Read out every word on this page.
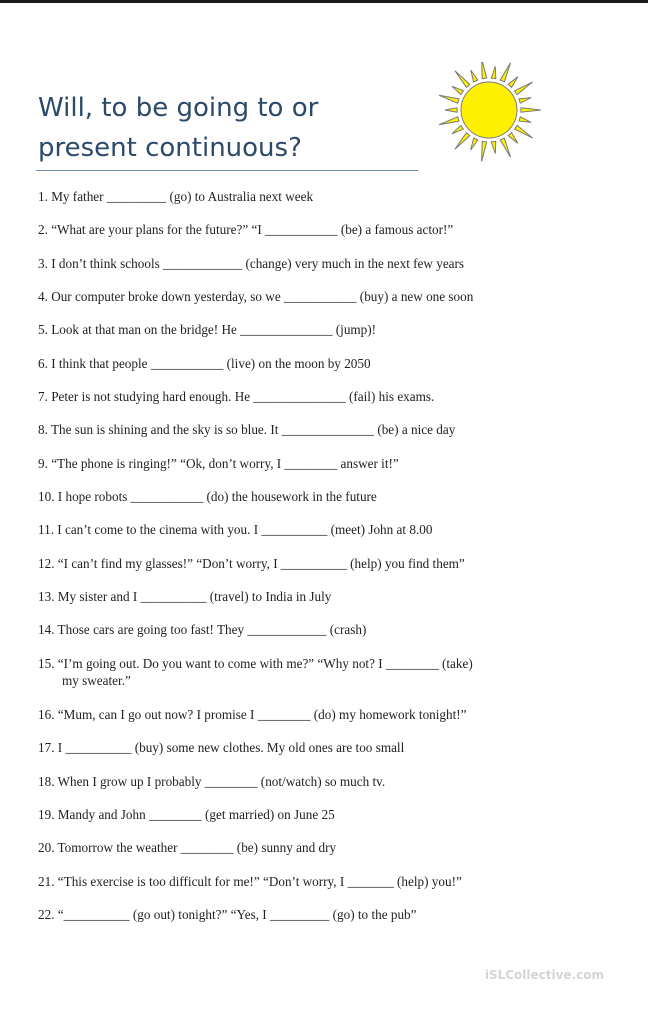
Will, to be going to or
present continuous?
1. My father _________ (go) to Australia next week
2. “What are your plans for the future?” “I ___________ (be) a famous actor!”
3. I don’t think schools ____________ (change) very much in the next few years
4. Our computer broke down yesterday, so we ___________ (buy) a new one soon
5. Look at that man on the bridge! He ______________ (jump)!
6. I think that people ___________ (live) on the moon by 2050
7. Peter is not studying hard enough. He ______________ (fail) his exams.
8. The sun is shining and the sky is so blue. It ______________ (be) a nice day
9. “The phone is ringing!” “Ok, don’t worry, I ________ answer it!”
10. I hope robots ___________ (do) the housework in the future
11. I can’t come to the cinema with you. I __________ (meet) John at 8.00
12. “I can’t find my glasses!” “Don’t worry, I __________ (help) you find them”
13. My sister and I __________ (travel) to India in July
14. Those cars are going too fast! They ____________ (crash)
15. “I’m going out. Do you want to come with me?” “Why not? I ________ (take)
my sweater.”
16. “Mum, can I go out now? I promise I ________ (do) my homework tonight!”
17. I __________ (buy) some new clothes. My old ones are too small
18. When I grow up I probably ________ (not/watch) so much tv.
19. Mandy and John ________ (get married) on June 25
20. Tomorrow the weather ________ (be) sunny and dry
21. “This exercise is too difficult for me!” “Don’t worry, I _______ (help) you!”
22. “__________ (go out) tonight?” “Yes, I _________ (go) to the pub”
iSLCollective.com
